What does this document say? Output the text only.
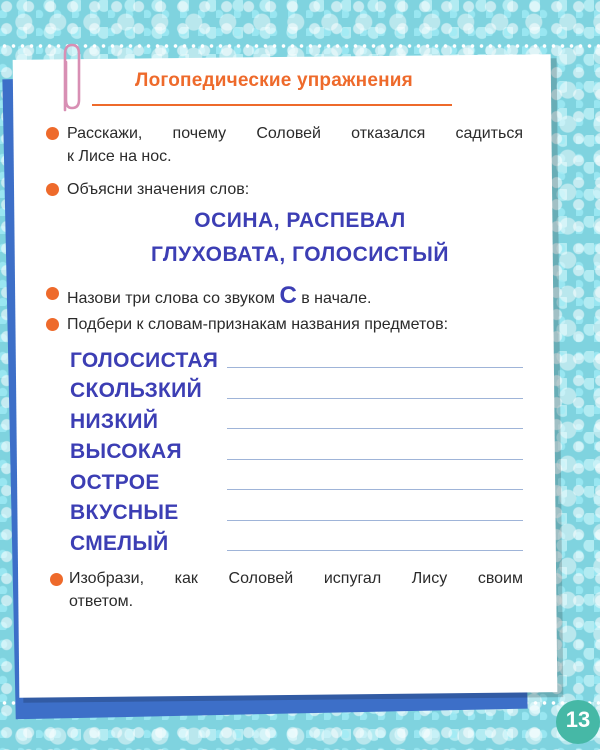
Логопедические упражнения
Расскажи, почему Соловей отказался садиться
к Лисе на нос.
Объясни значения слов:
ОСИНА, РАСПЕВАЛ
ГЛУХОВАТА, ГОЛОСИСТЫЙ
Назови три слова со звуком С в начале.
Подбери к словам-признакам названия предметов:
ГОЛОСИСТАЯ
СКОЛЬЗКИЙ
НИЗКИЙ
ВЫСОКАЯ
ОСТРОЕ
ВКУСНЫЕ
СМЕЛЫЙ
Изобрази, как Соловей испугал Лису своим
ответом.
13
